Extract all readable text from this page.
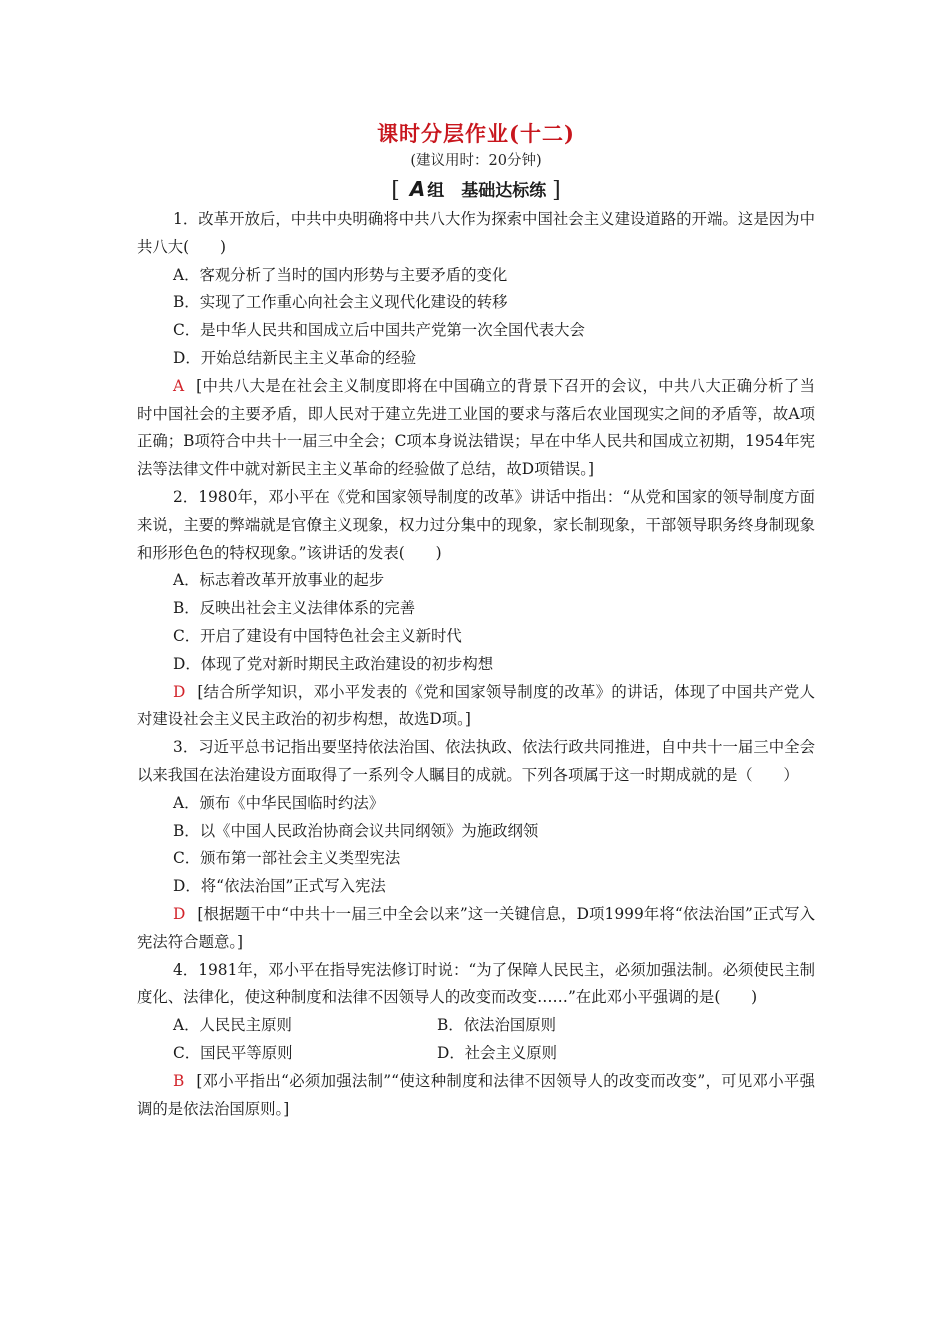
课时分层作业(十二)
(建议用时：20分钟)
[ A 组　基础达标练 ]

1．改革开放后，中共中央明确将中共八大作为探索中国社会主义建设道路的开端。这是因为中共八大(　　)

A．客观分析了当时的国内形势与主要矛盾的变化

B．实现了工作重心向社会主义现代化建设的转移

C．是中华人民共和国成立后中国共产党第一次全国代表大会

D．开始总结新民主主义革命的经验

A [中共八大是在社会主义制度即将在中国确立的背景下召开的会议，中共八大正确分析了当时中国社会的主要矛盾，即人民对于建立先进工业国的要求与落后农业国现实之间的矛盾等，故A项正确；B项符合中共十一届三中全会；C项本身说法错误；早在中华人民共和国成立初期，1954年宪法等法律文件中就对新民主主义革命的经验做了总结，故D项错误。]

2．1980年，邓小平在《党和国家领导制度的改革》讲话中指出：“从党和国家的领导制度方面来说，主要的弊端就是官僚主义现象，权力过分集中的现象，家长制现象，干部领导职务终身制现象和形形色色的特权现象。”该讲话的发表(　　)

A．标志着改革开放事业的起步

B．反映出社会主义法律体系的完善

C．开启了建设有中国特色社会主义新时代

D．体现了党对新时期民主政治建设的初步构想

D [结合所学知识，邓小平发表的《党和国家领导制度的改革》的讲话，体现了中国共产党人对建设社会主义民主政治的初步构想，故选D项。]

3．习近平总书记指出要坚持依法治国、依法执政、依法行政共同推进，自中共十一届三中全会以来我国在法治建设方面取得了一系列令人瞩目的成就。下列各项属于这一时期成就的是（　　）

A．颁布《中华民国临时约法》

B．以《中国人民政治协商会议共同纲领》为施政纲领

C．颁布第一部社会主义类型宪法

D．将“依法治国”正式写入宪法

D [根据题干中“中共十一届三中全会以来”这一关键信息，D项1999年将“依法治国”正式写入宪法符合题意。]

4．1981年，邓小平在指导宪法修订时说：“为了保障人民民主，必须加强法制。必须使民主制度化、法律化，使这种制度和法律不因领导人的改变而改变……”在此邓小平强调的是(　　)

A．人民民主原则	B．依法治国原则
C．国民平等原则	D．社会主义原则

B [邓小平指出“必须加强法制”“使这种制度和法律不因领导人的改变而改变”，可见邓小平强调的是依法治国原则。]
